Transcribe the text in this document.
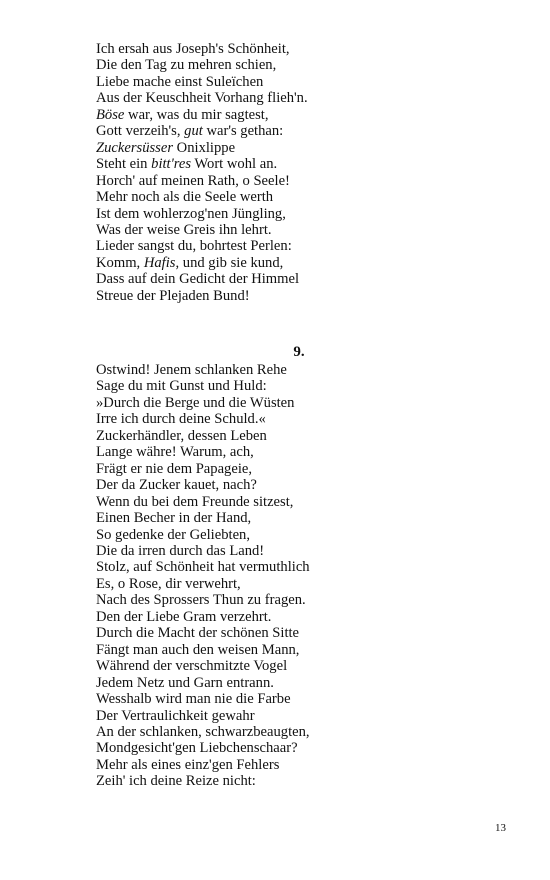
Ich ersah aus Joseph's Schönheit,
Die den Tag zu mehren schien,
Liebe mache einst Suleïchen
Aus der Keuschheit Vorhang flieh'n.
Böse war, was du mir sagtest,
Gott verzeih's, gut war's gethan:
Zuckersüsser Onixlippe
Steht ein bitt'res Wort wohl an.
Horch' auf meinen Rath, o Seele!
Mehr noch als die Seele werth
Ist dem wohlerzog'nen Jüngling,
Was der weise Greis ihn lehrt.
Lieder sangst du, bohrtest Perlen:
Komm, Hafis, und gib sie kund,
Dass auf dein Gedicht der Himmel
Streue der Plejaden Bund!
9.
Ostwind! Jenem schlanken Rehe
Sage du mit Gunst und Huld:
»Durch die Berge und die Wüsten
Irre ich durch deine Schuld.«
Zuckerhändler, dessen Leben
Lange währe! Warum, ach,
Frägt er nie dem Papageie,
Der da Zucker kauet, nach?
Wenn du bei dem Freunde sitzest,
Einen Becher in der Hand,
So gedenke der Geliebten,
Die da irren durch das Land!
Stolz, auf Schönheit hat vermuthlich
Es, o Rose, dir verwehrt,
Nach des Sprossers Thun zu fragen.
Den der Liebe Gram verzehrt.
Durch die Macht der schönen Sitte
Fängt man auch den weisen Mann,
Während der verschmitzte Vogel
Jedem Netz und Garn entrann.
Wesshalb wird man nie die Farbe
Der Vertraulichkeit gewahr
An der schlanken, schwarzbeaugten,
Mondgesicht'gen Liebchenschaar?
Mehr als eines einz'gen Fehlers
Zeih' ich deine Reize nicht:
13
